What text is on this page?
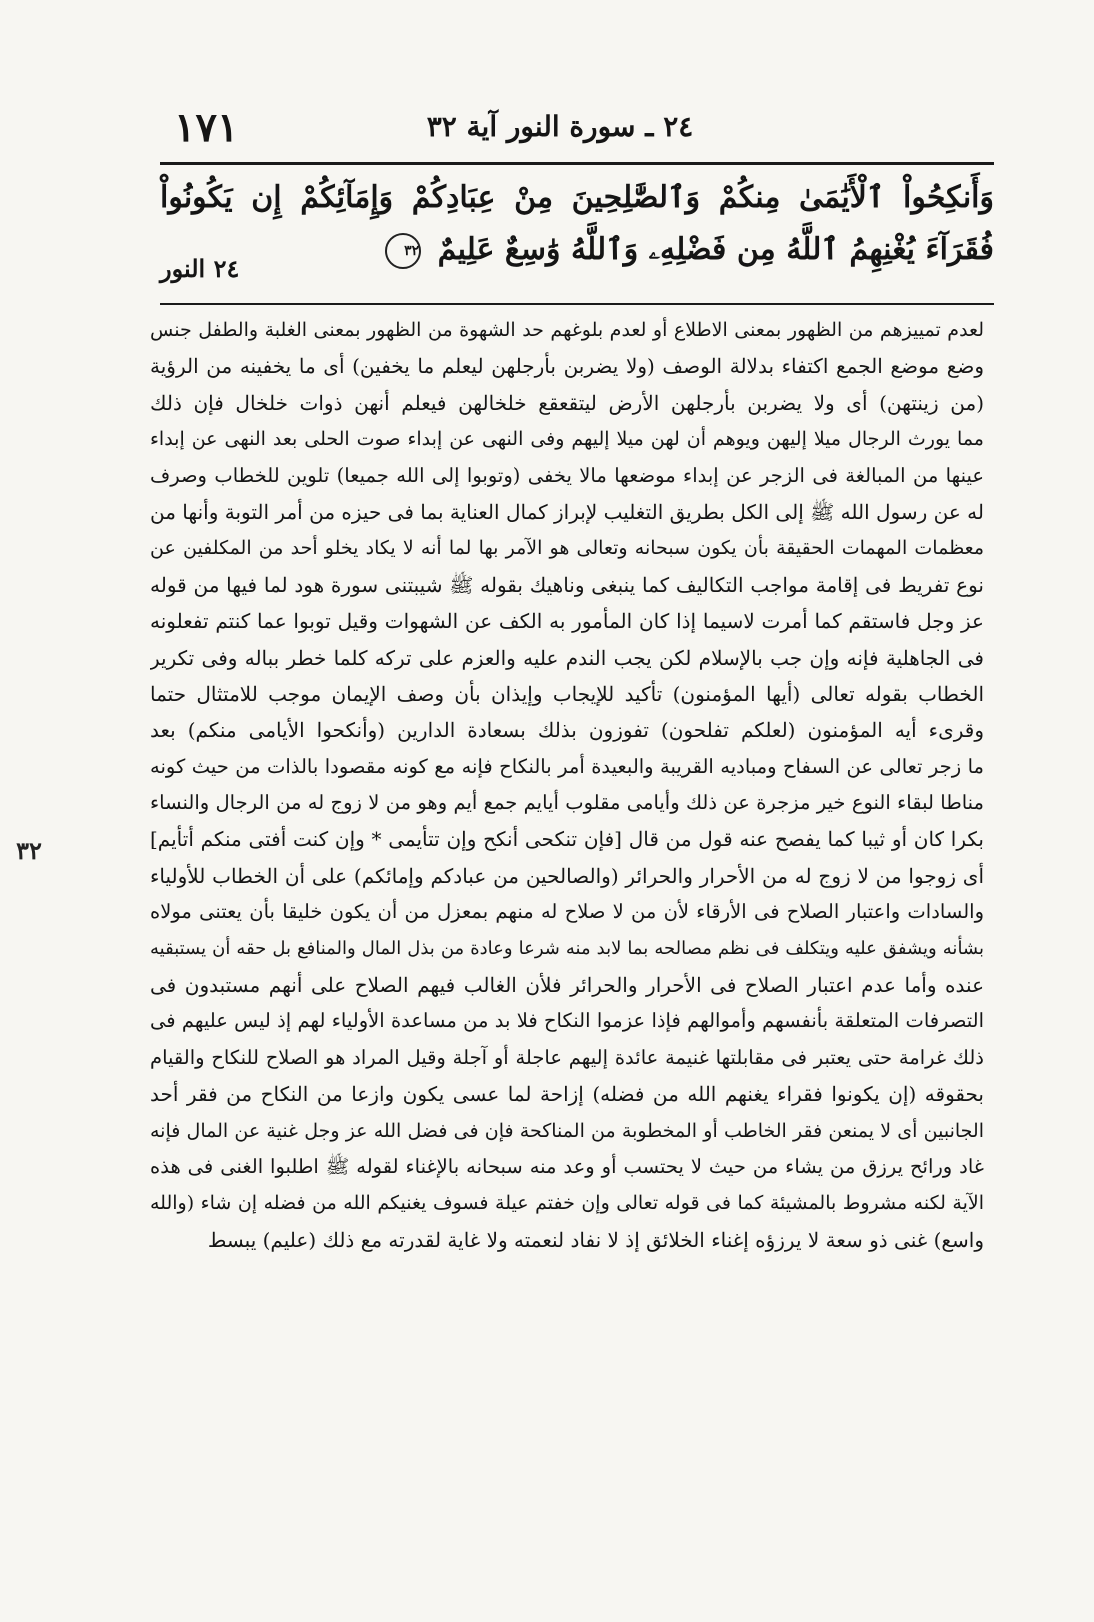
١٧١	٢٤ ـ سورة النور آية ٣٢
وَأَنكِحُواْ ٱلْأَيَٰمَىٰ مِنكُمْ وَٱلصَّٰلِحِينَ مِنْ عِبَادِكُمْ وَإِمَآئِكُمْ إِن يَكُونُواْ فُقَرَآءَ يُغْنِهِمُ ٱللَّهُ مِن فَضْلِهِۦ وَٱللَّهُ وَٰسِعٌ عَلِيمٌ ٣٢
٢٤ النور
٣٢
لعدم تمييزهم من الظهور بمعنى الاطلاع أو لعدم بلوغهم حد الشهوة من الظهور بمعنى الغلبة والطفل جنس
وضع موضع الجمع اكتفاء بدلالة الوصف (ولا يضربن بأرجلهن ليعلم ما يخفين) أى ما يخفينه من الرؤية
(من زينتهن) أى ولا يضربن بأرجلهن الأرض ليتقعقع خلخالهن فيعلم أنهن ذوات خلخال فإن ذلك
مما يورث الرجال ميلا إليهن ويوهم أن لهن ميلا إليهم وفى النهى عن إبداء صوت الحلى بعد النهى عن إبداء
عينها من المبالغة فى الزجر عن إبداء موضعها مالا يخفى (وتوبوا إلى الله جميعا) تلوين للخطاب وصرف
له عن رسول الله ﷺ إلى الكل بطريق التغليب لإبراز كمال العناية بما فى حيزه من أمر التوبة وأنها من
معظمات المهمات الحقيقة بأن يكون سبحانه وتعالى هو الآمر بها لما أنه لا يكاد يخلو أحد من المكلفين عن
نوع تفريط فى إقامة مواجب التكاليف كما ينبغى وناهيك بقوله ﷺ شيبتنى سورة هود لما فيها من قوله
عز وجل فاستقم كما أمرت لاسيما إذا كان المأمور به الكف عن الشهوات وقيل توبوا عما كنتم تفعلونه
فى الجاهلية فإنه وإن جب بالإسلام لكن يجب الندم عليه والعزم على تركه كلما خطر بباله وفى تكرير
الخطاب بقوله تعالى (أيها المؤمنون) تأكيد للإيجاب وإيذان بأن وصف الإيمان موجب للامتثال حتما
وقرىء أيه المؤمنون (لعلكم تفلحون) تفوزون بذلك بسعادة الدارين (وأنكحوا الأيامى منكم) بعد
ما زجر تعالى عن السفاح ومباديه القريبة والبعيدة أمر بالنكاح فإنه مع كونه مقصودا بالذات من حيث كونه
مناطا لبقاء النوع خير مزجرة عن ذلك وأيامى مقلوب أيايم جمع أيم وهو من لا زوج له من الرجال والنساء
بكرا كان أو ثيبا كما يفصح عنه قول من قال [فإن تنكحى أنكح وإن تتأيمى * وإن كنت أفتى منكم أتأيم]
أى زوجوا من لا زوج له من الأحرار والحرائر (والصالحين من عبادكم وإمائكم) على أن الخطاب للأولياء
والسادات واعتبار الصلاح فى الأرقاء لأن من لا صلاح له منهم بمعزل من أن يكون خليقا بأن يعتنى مولاه
بشأنه ويشفق عليه ويتكلف فى نظم مصالحه بما لابد منه شرعا وعادة من بذل المال والمنافع بل حقه أن يستبقيه
عنده وأما عدم اعتبار الصلاح فى الأحرار والحرائر فلأن الغالب فيهم الصلاح على أنهم مستبدون فى
التصرفات المتعلقة بأنفسهم وأموالهم فإذا عزموا النكاح فلا بد من مساعدة الأولياء لهم إذ ليس عليهم فى
ذلك غرامة حتى يعتبر فى مقابلتها غنيمة عائدة إليهم عاجلة أو آجلة وقيل المراد هو الصلاح للنكاح والقيام
بحقوقه (إن يكونوا فقراء يغنهم الله من فضله) إزاحة لما عسى يكون وازعا من النكاح من فقر أحد
الجانبين أى لا يمنعن فقر الخاطب أو المخطوبة من المناكحة فإن فى فضل الله عز وجل غنية عن المال فإنه
غاد ورائح يرزق من يشاء من حيث لا يحتسب أو وعد منه سبحانه بالإغناء لقوله ﷺ اطلبوا الغنى فى هذه
الآية لكنه مشروط بالمشيئة كما فى قوله تعالى وإن خفتم عيلة فسوف يغنيكم الله من فضله إن شاء (والله
واسع) غنى ذو سعة لا يرزؤه إغناء الخلائق إذ لا نفاد لنعمته ولا غاية لقدرته مع ذلك (عليم) يبسط
